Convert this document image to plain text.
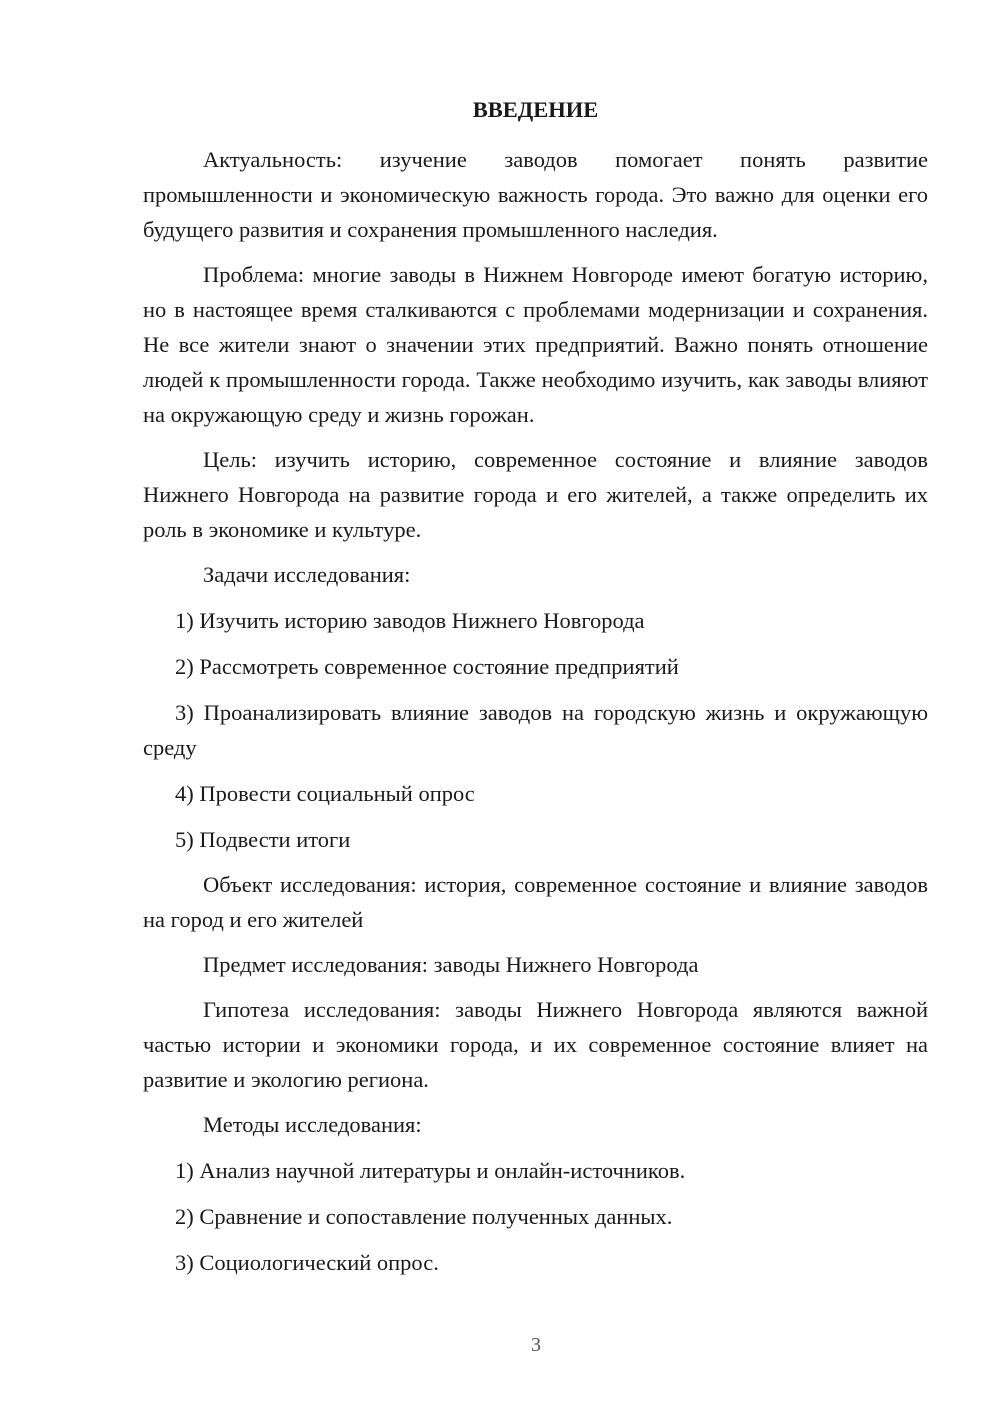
ВВЕДЕНИЕ

Актуальность: изучение заводов помогает понять развитие промышленности и экономическую важность города. Это важно для оценки его будущего развития и сохранения промышленного наследия.

Проблема: многие заводы в Нижнем Новгороде имеют богатую историю, но в настоящее время сталкиваются с проблемами модернизации и сохранения. Не все жители знают о значении этих предприятий. Важно понять отношение людей к промышленности города. Также необходимо изучить, как заводы влияют на окружающую среду и жизнь горожан.

Цель: изучить историю, современное состояние и влияние заводов Нижнего Новгорода на развитие города и его жителей, а также определить их роль в экономике и культуре.

Задачи исследования:

1) Изучить историю заводов Нижнего Новгорода

2) Рассмотреть современное состояние предприятий

3) Проанализировать влияние заводов на городскую жизнь и окружающую среду

4) Провести социальный опрос

5) Подвести итоги

Объект исследования: история, современное состояние и влияние заводов на город и его жителей

Предмет исследования: заводы Нижнего Новгорода

Гипотеза исследования: заводы Нижнего Новгорода являются важной частью истории и экономики города, и их современное состояние влияет на развитие и экологию региона.

Методы исследования:

1) Анализ научной литературы и онлайн-источников.

2) Сравнение и сопоставление полученных данных.

3) Социологический опрос.

3
